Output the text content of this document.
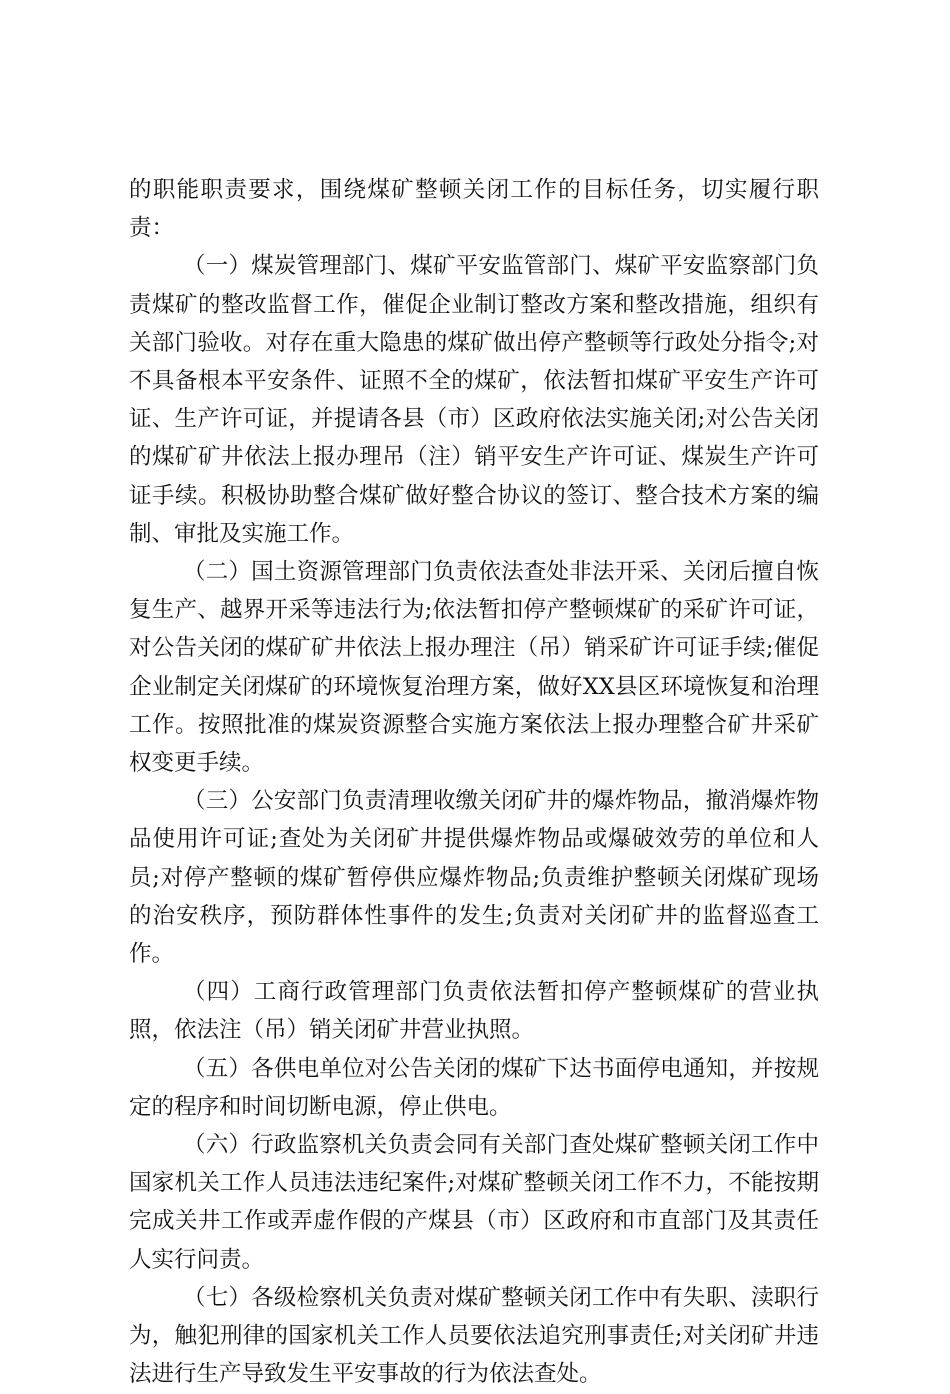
的职能职责要求，围绕煤矿整顿关闭工作的目标任务，切实履行职责：

（一）煤炭管理部门、煤矿平安监管部门、煤矿平安监察部门负责煤矿的整改监督工作，催促企业制订整改方案和整改措施，组织有关部门验收。对存在重大隐患的煤矿做出停产整顿等行政处分指令;对不具备根本平安条件、证照不全的煤矿，依法暂扣煤矿平安生产许可证、生产许可证，并提请各县（市）区政府依法实施关闭;对公告关闭的煤矿矿井依法上报办理吊（注）销平安生产许可证、煤炭生产许可证手续。积极协助整合煤矿做好整合协议的签订、整合技术方案的编制、审批及实施工作。

（二）国土资源管理部门负责依法查处非法开采、关闭后擅自恢复生产、越界开采等违法行为;依法暂扣停产整顿煤矿的采矿许可证，对公告关闭的煤矿矿井依法上报办理注（吊）销采矿许可证手续;催促企业制定关闭煤矿的环境恢复治理方案，做好XX县区环境恢复和治理工作。按照批准的煤炭资源整合实施方案依法上报办理整合矿井采矿权变更手续。

（三）公安部门负责清理收缴关闭矿井的爆炸物品，撤消爆炸物品使用许可证;查处为关闭矿井提供爆炸物品或爆破效劳的单位和人员;对停产整顿的煤矿暂停供应爆炸物品;负责维护整顿关闭煤矿现场的治安秩序，预防群体性事件的发生;负责对关闭矿井的监督巡查工作。

（四）工商行政管理部门负责依法暂扣停产整顿煤矿的营业执照，依法注（吊）销关闭矿井营业执照。

（五）各供电单位对公告关闭的煤矿下达书面停电通知，并按规定的程序和时间切断电源，停止供电。

（六）行政监察机关负责会同有关部门查处煤矿整顿关闭工作中国家机关工作人员违法违纪案件;对煤矿整顿关闭工作不力，不能按期完成关井工作或弄虚作假的产煤县（市）区政府和市直部门及其责任人实行问责。

（七）各级检察机关负责对煤矿整顿关闭工作中有失职、渎职行为，触犯刑律的国家机关工作人员要依法追究刑事责任;对关闭矿井违法进行生产导致发生平安事故的行为依法查处。
